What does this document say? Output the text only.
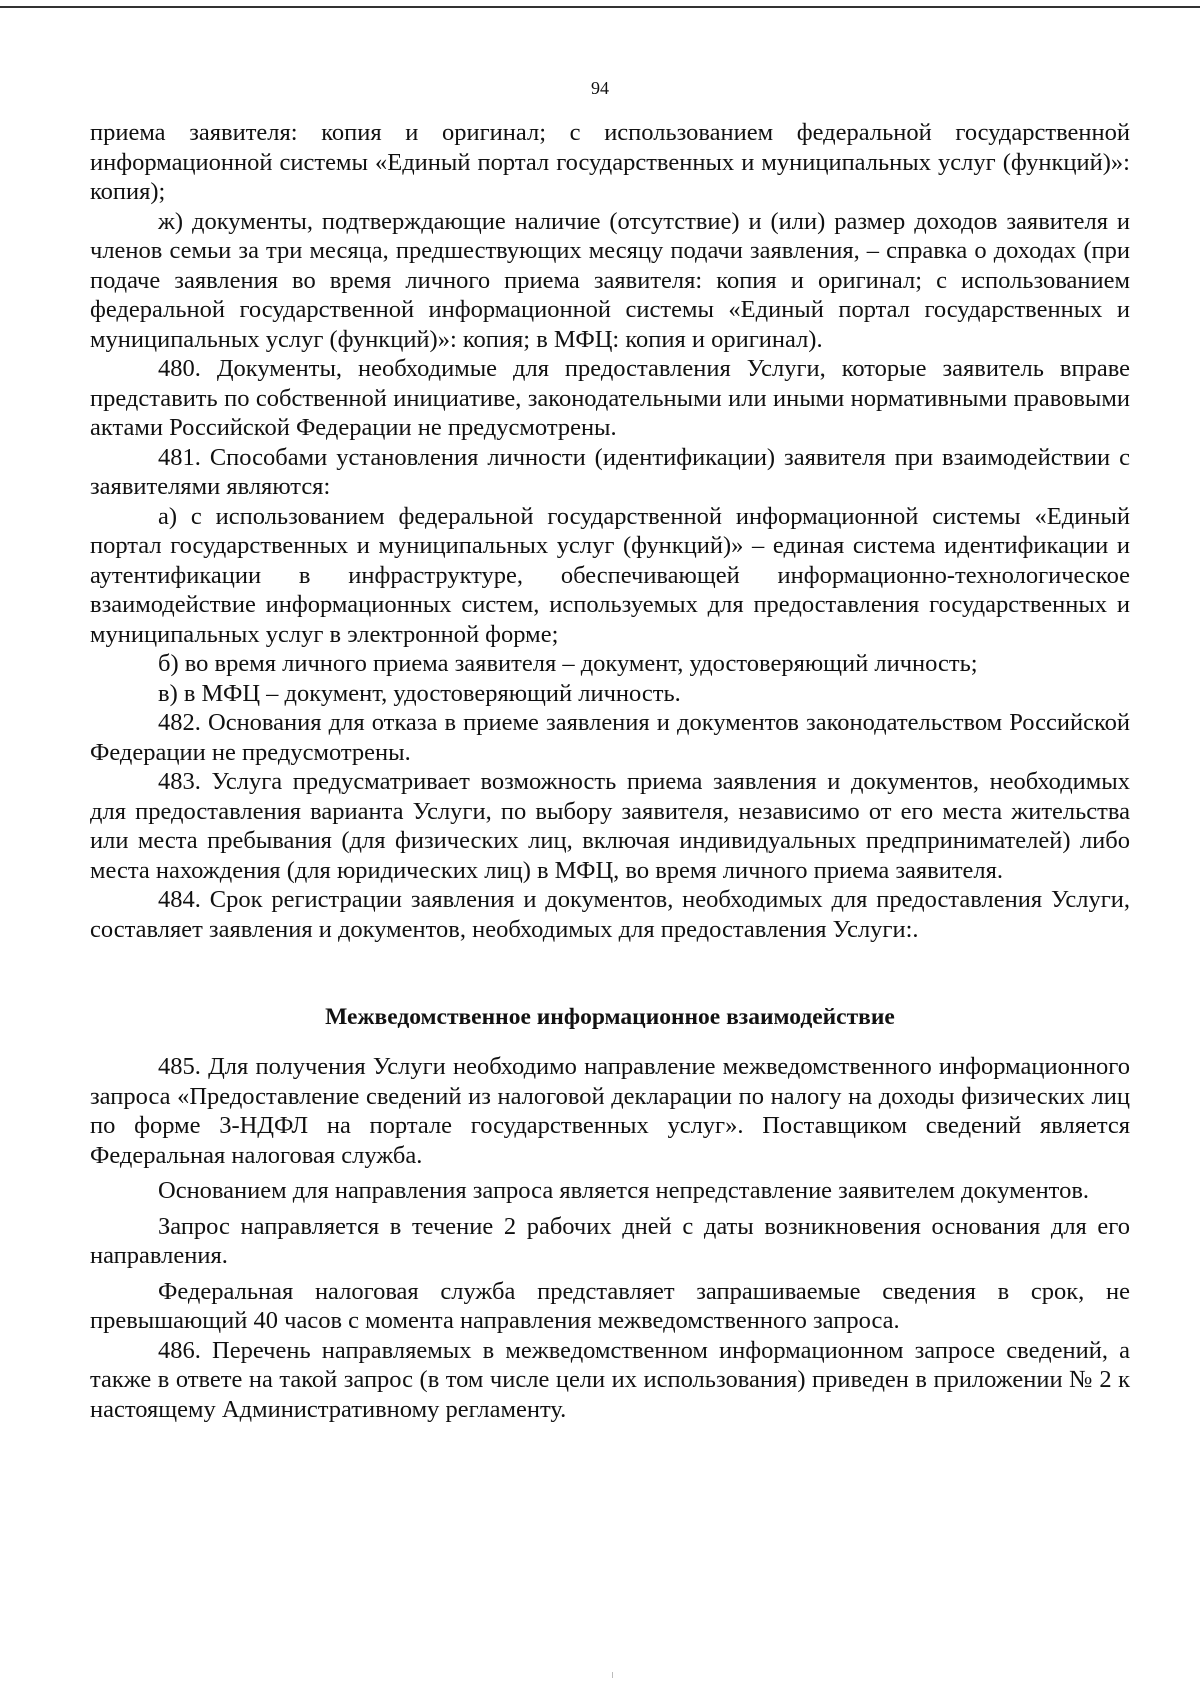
94

приема заявителя: копия и оригинал; с использованием федеральной государственной информационной системы «Единый портал государственных и муниципальных услуг (функций)»: копия);

ж) документы, подтверждающие наличие (отсутствие) и (или) размер доходов заявителя и членов семьи за три месяца, предшествующих месяцу подачи заявления, – справка о доходах (при подаче заявления во время личного приема заявителя: копия и оригинал; с использованием федеральной государственной информационной системы «Единый портал государственных и муниципальных услуг (функций)»: копия; в МФЦ: копия и оригинал).

480. Документы, необходимые для предоставления Услуги, которые заявитель вправе представить по собственной инициативе, законодательными или иными нормативными правовыми актами Российской Федерации не предусмотрены.

481. Способами установления личности (идентификации) заявителя при взаимодействии с заявителями являются:

а) с использованием федеральной государственной информационной системы «Единый портал государственных и муниципальных услуг (функций)» – единая система идентификации и аутентификации в инфраструктуре, обеспечивающей информационно-технологическое взаимодействие информационных систем, используемых для предоставления государственных и муниципальных услуг в электронной форме;

б) во время личного приема заявителя – документ, удостоверяющий личность;

в) в МФЦ – документ, удостоверяющий личность.

482. Основания для отказа в приеме заявления и документов законодательством Российской Федерации не предусмотрены.

483. Услуга предусматривает возможность приема заявления и документов, необходимых для предоставления варианта Услуги, по выбору заявителя, независимо от его места жительства или места пребывания (для физических лиц, включая индивидуальных предпринимателей) либо места нахождения (для юридических лиц) в МФЦ, во время личного приема заявителя.

484. Срок регистрации заявления и документов, необходимых для предоставления Услуги, составляет заявления и документов, необходимых для предоставления Услуги:.

Межведомственное информационное взаимодействие

485. Для получения Услуги необходимо направление межведомственного информационного запроса «Предоставление сведений из налоговой декларации по налогу на доходы физических лиц по форме 3-НДФЛ на портале государственных услуг». Поставщиком сведений является Федеральная налоговая служба.

Основанием для направления запроса является непредставление заявителем документов.

Запрос направляется в течение 2 рабочих дней с даты возникновения основания для его направления.

Федеральная налоговая служба представляет запрашиваемые сведения в срок, не превышающий 40 часов с момента направления межведомственного запроса.

486. Перечень направляемых в межведомственном информационном запросе сведений, а также в ответе на такой запрос (в том числе цели их использования) приведен в приложении № 2 к настоящему Административному регламенту.
